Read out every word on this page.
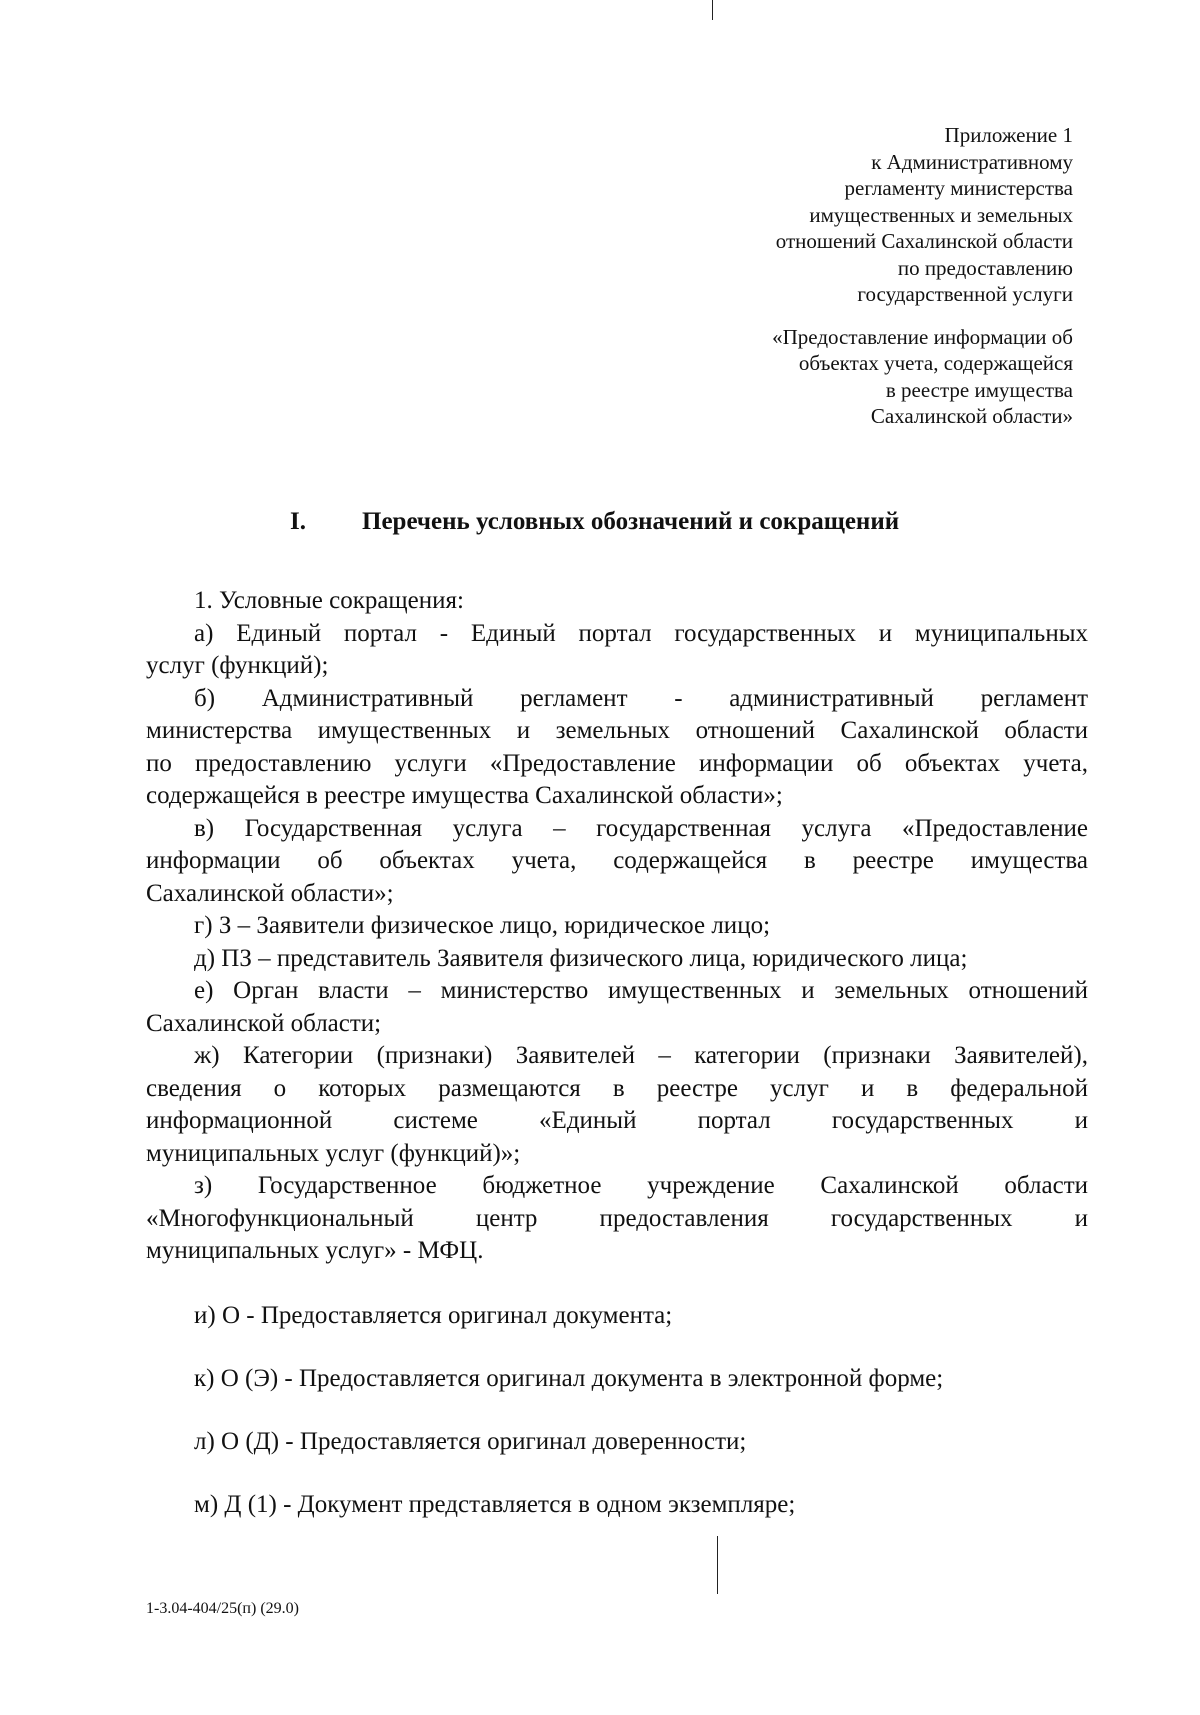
Приложение 1
к Административному
регламенту министерства
имущественных и земельных
отношений Сахалинской области
по предоставлению
государственной услуги
«Предоставление информации об
объектах учета, содержащейся
в реестре имущества
Сахалинской области»
I. Перечень условных обозначений и сокращений
1. Условные сокращения:
а) Единый портал - Единый портал государственных и муниципальных
услуг (функций);
б) Административный регламент - административный регламент
министерства имущественных и земельных отношений Сахалинской области
по предоставлению услуги «Предоставление информации об объектах учета,
содержащейся в реестре имущества Сахалинской области»;
в) Государственная услуга – государственная услуга «Предоставление
информации об объектах учета, содержащейся в реестре имущества
Сахалинской области»;
г) З – Заявители физическое лицо, юридическое лицо;
д) ПЗ – представитель Заявителя физического лица, юридического лица;
е) Орган власти – министерство имущественных и земельных отношений
Сахалинской области;
ж) Категории (признаки) Заявителей – категории (признаки Заявителей),
сведения о которых размещаются в реестре услуг и в федеральной
информационной системе «Единый портал государственных и
муниципальных услуг (функций)»;
з) Государственное бюджетное учреждение Сахалинской области
«Многофункциональный центр предоставления государственных и
муниципальных услуг» - МФЦ.
и) О - Предоставляется оригинал документа;
к) О (Э) - Предоставляется оригинал документа в электронной форме;
л) О (Д) - Предоставляется оригинал доверенности;
м) Д (1) - Документ представляется в одном экземпляре;
1-3.04-404/25(п) (29.0)
